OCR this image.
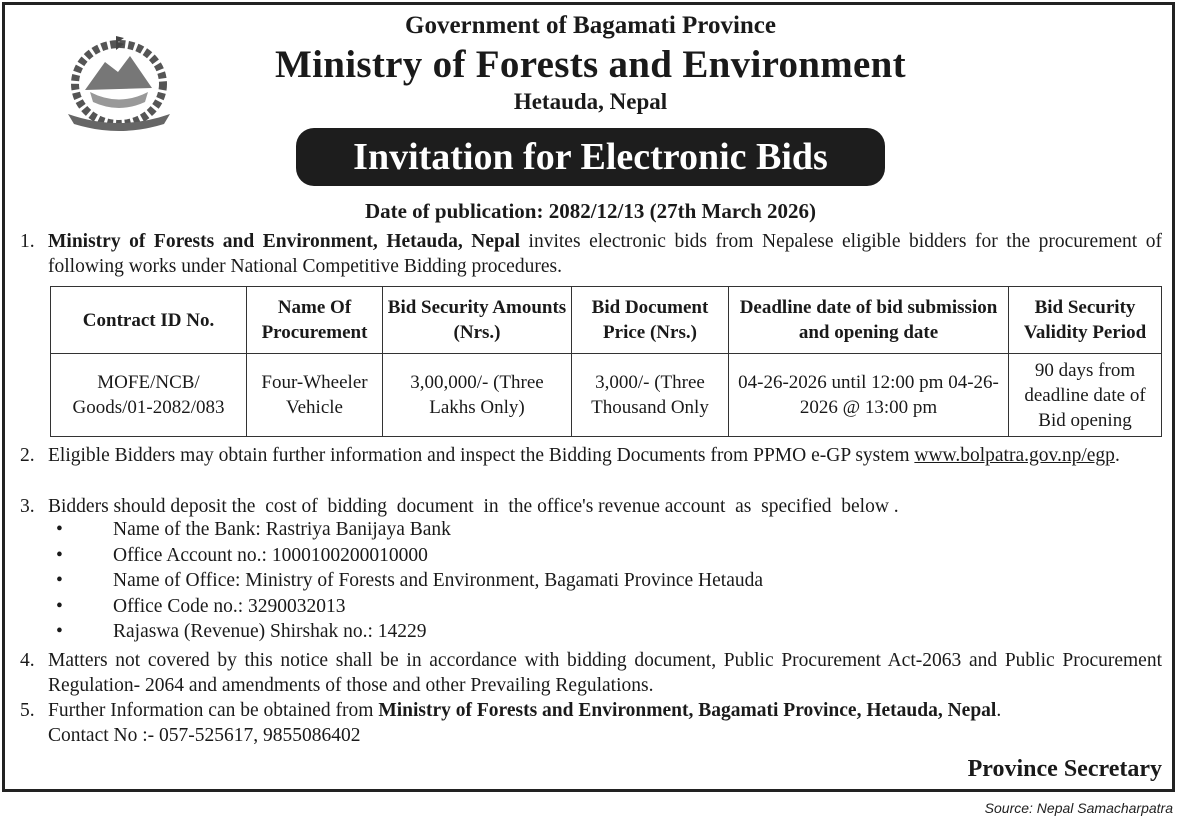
Government of Bagamati Province
Ministry of Forests and Environment
Hetauda, Nepal
Invitation for Electronic Bids
Date of publication: 2082/12/13 (27th March 2026)
1. Ministry of Forests and Environment, Hetauda, Nepal invites electronic bids from Nepalese eligible bidders for the procurement of following works under National Competitive Bidding procedures.
Contract ID No.	Name Of Procurement	Bid Security Amounts (Nrs.)	Bid Document Price (Nrs.)	Deadline date of bid submission and opening date	Bid Security Validity Period
MOFE/NCB/ Goods/01-2082/083	Four-Wheeler Vehicle	3,00,000/- (Three Lakhs Only)	3,000/- (Three Thousand Only	04-26-2026 until 12:00 pm 04-26-2026 @ 13:00 pm	90 days from deadline date of Bid opening
2. Eligible Bidders may obtain further information and inspect the Bidding Documents from PPMO e-GP system www.bolpatra.gov.np/egp.
3. Bidders should deposit the  cost of  bidding  document  in  the office's revenue account  as  specified  below .
•	Name of the Bank: Rastriya Banijaya Bank
•	Office Account no.: 1000100200010000
•	Name of Office: Ministry of Forests and Environment, Bagamati Province Hetauda
•	Office Code no.: 3290032013
•	Rajaswa (Revenue) Shirshak no.: 14229
4. Matters not covered by this notice shall be in accordance with bidding document, Public Procurement Act-2063 and Public Procurement Regulation- 2064 and amendments of those and other Prevailing Regulations.
5. Further Information can be obtained from Ministry of Forests and Environment, Bagamati Province, Hetauda, Nepal.
Contact No :- 057-525617, 9855086402
Province Secretary
Source: Nepal Samacharpatra
